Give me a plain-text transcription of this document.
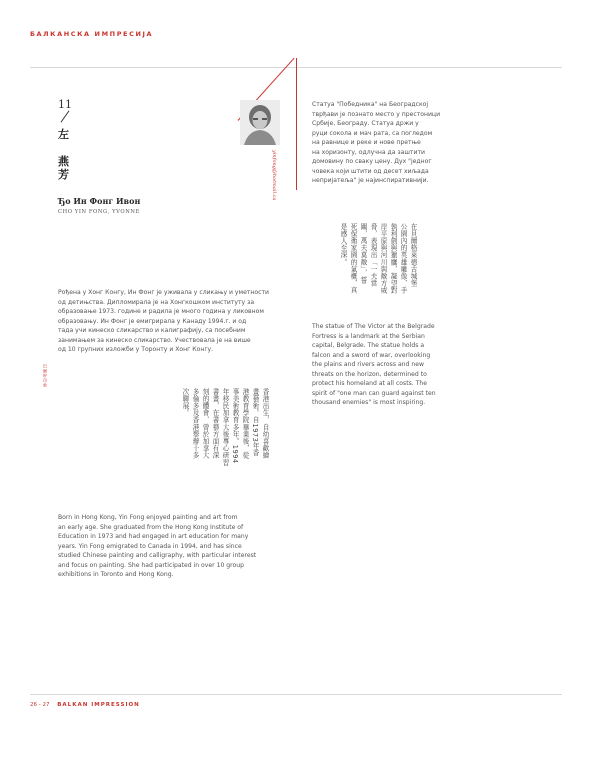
БАЛКАНСКА ИМПРЕСИЈА
11
左
燕
芳
Ђо Ин Фонг Ивон
CHO YIN FONG, YVONNE
yinfong@hotmail.ca

Статуа "Победника" на Београдској

тврђави је познато место у престоници

Србије, Београду. Статуа држи у

руци сокола и мач рата, са погледом

на равнице и реке и нове претње

на хоризонту, одлучна да заштити

домовину по сваку цену. Дух "једног

човека који штити од десет хиљада

непријатеља" је најинспиративнији.

在貝爾格萊德古城堡
公園內的英雄雕像，手
執利劍與獵鷹，凝望對
岸平原與河川與敵方威
脅，表現出「一夫當
關，萬夫莫敵」，誓
死保衛家園的氣概，真
是感人至深。

The statue of The Victor at the Belgrade

Fortress is a landmark at the Serbian

capital, Belgrade. The statue holds a

falcon and a sword of war, overlooking

the plains and rivers across and new

threats on the horizon, determined to

protect his homeland at all costs. The

spirit of "one man can guard against ten

thousand enemies" is most inspiring.

Рођена у Хонг Конгу, Ин Фонг је уживала у сликању и уметности

од детињства. Дипломирала је на Хонгкошком институту за

образовање 1973. године и радила је много година у ликовном

образовању. Ин Фонг је емигрирала у Канаду 1994.г. и од

тада учи кинеско сликарство и калиграфију, са посебним

занимањем за кинеско сликарство. Учествовала је на више

од 10 групних изложби у Торонту и Хонг Конгу.

巴爾幹印象
香港出生，自幼喜歡繪
畫藝術。自1973年香
港教育學院畢業後，從
事美術教育多年。1994
年移民加拿大後專心研習
書畫，在書藝方面有深
刻的體會，曾於加拿大
多倫多及香港舉辦十多
次聯展。

Born in Hong Kong, Yin Fong enjoyed painting and art from

an early age. She graduated from the Hong Kong Institute of

Education in 1973 and had engaged in art education for many

years. Yin Fong emigrated to Canada in 1994, and has since

studied Chinese painting and calligraphy, with particular interest

and focus on painting. She had participated in over 10 group

exhibitions in Toronto and Hong Kong.

26 - 27 BALKAN IMPRESSION
